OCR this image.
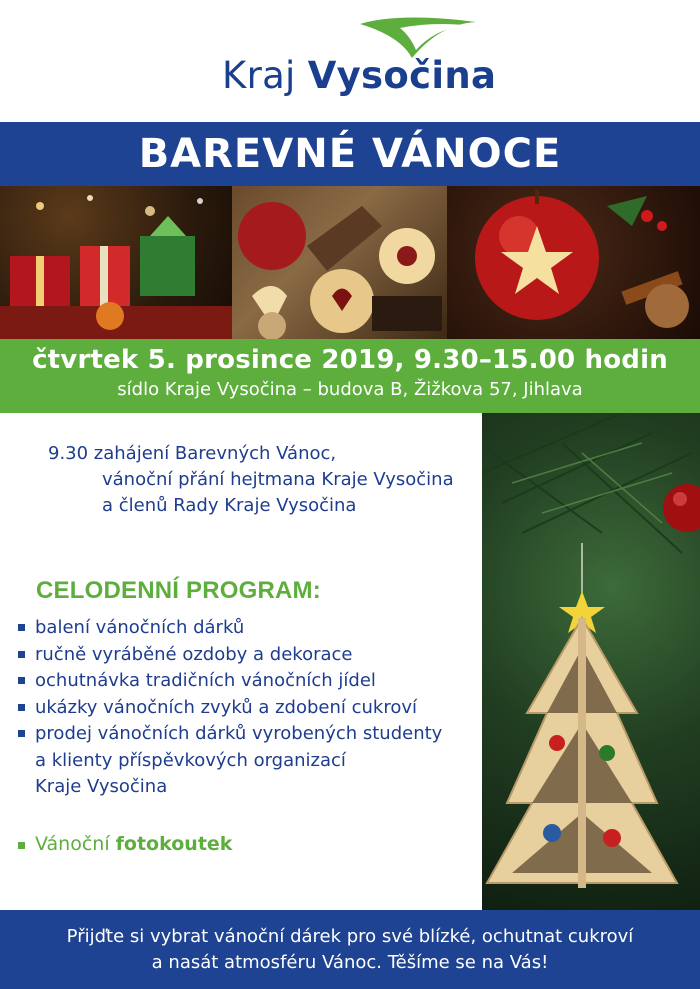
Kraj Vysočina
BAREVNÉ VÁNOCE
čtvrtek 5. prosince 2019, 9.30–15.00 hodin
sídlo Kraje Vysočina – budova B, Žižkova 57, Jihlava
9.30 zahájení Barevných Vánoc,
vánoční přání hejtmana Kraje Vysočina
a členů Rady Kraje Vysočina
CELODENNÍ PROGRAM:
balení vánočních dárků
ručně vyráběné ozdoby a dekorace
ochutnávka tradičních vánočních jídel
ukázky vánočních zvyků a zdobení cukroví
prodej vánočních dárků vyrobených studenty
a klienty příspěvkových organizací
Kraje Vysočina
Vánoční fotokoutek
Přijďte si vybrat vánoční dárek pro své blízké, ochutnat cukroví
a nasát atmosféru Vánoc. Těšíme se na Vás!
